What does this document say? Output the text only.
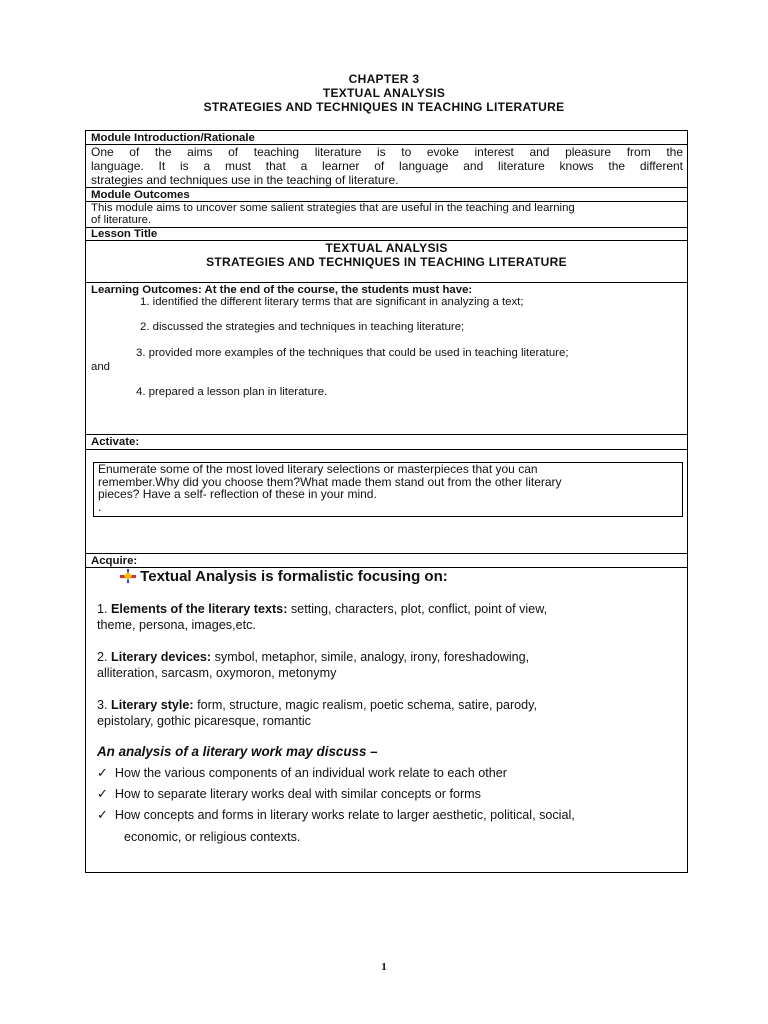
CHAPTER 3
TEXTUAL ANALYSIS
STRATEGIES AND TECHNIQUES IN TEACHING LITERATURE
Module Introduction/Rationale
One of the aims of teaching literature is to evoke interest and pleasure from the
language. It is a must that a learner of language and literature knows the different
strategies and techniques use in the teaching of literature.
Module Outcomes
This module aims to uncover some salient strategies that are useful in the teaching and learning
of literature.
Lesson Title
TEXTUAL ANALYSIS
STRATEGIES AND TECHNIQUES IN TEACHING LITERATURE
Learning Outcomes: At the end of the course, the students must have:
1. identified the different literary terms that are significant in analyzing a text;
2. discussed the strategies and techniques in teaching literature;
3. provided more examples of the techniques that could be used in teaching literature;
and
4. prepared a lesson plan in literature.
Activate:
Enumerate some of the most loved literary selections or masterpieces that you can
remember.Why did you choose them?What made them stand out from the other literary
pieces? Have a self- reflection of these in your mind.
.
Acquire:
Textual Analysis is formalistic focusing on:
1. Elements of the literary texts: setting, characters, plot, conflict, point of view,
theme, persona, images,etc.
2. Literary devices: symbol, metaphor, simile, analogy, irony, foreshadowing,
alliteration, sarcasm, oxymoron, metonymy
3. Literary style: form, structure, magic realism, poetic schema, satire, parody,
epistolary, gothic picaresque, romantic
An analysis of a literary work may discuss –
✓ How the various components of an individual work relate to each other
✓ How to separate literary works deal with similar concepts or forms
✓ How concepts and forms in literary works relate to larger aesthetic, political, social,
economic, or religious contexts.
1
